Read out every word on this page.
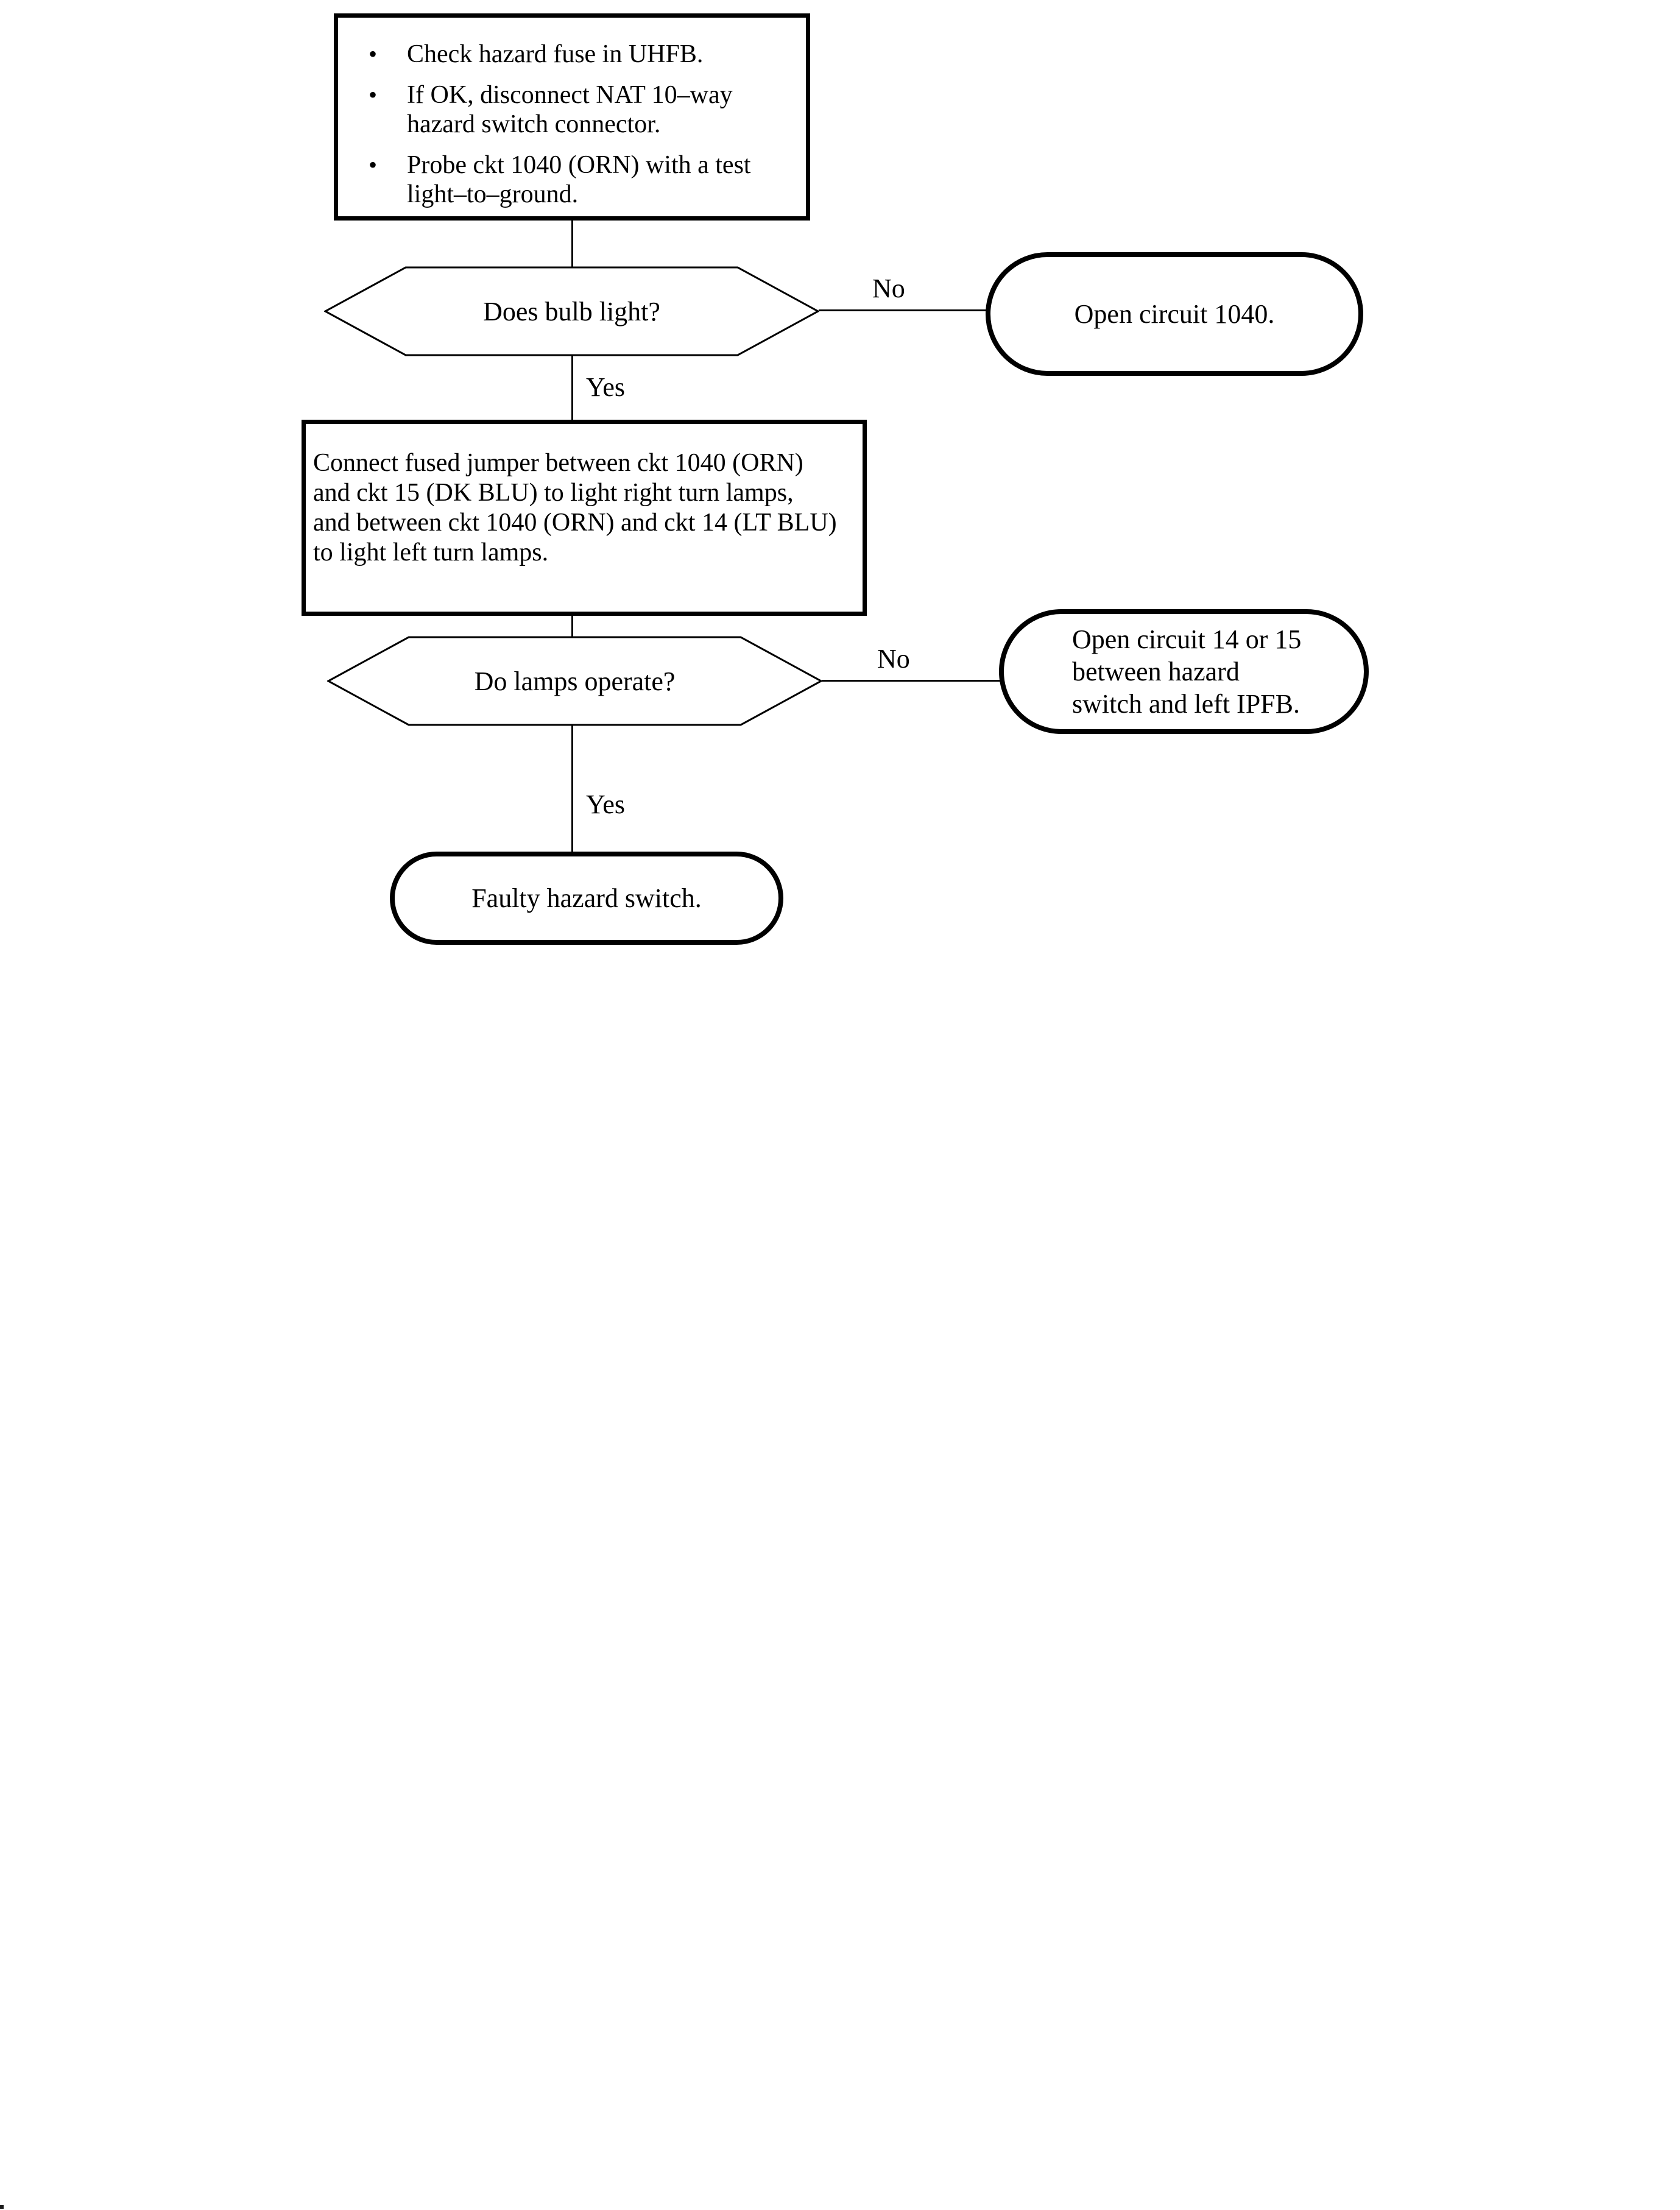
•	Check hazard fuse in UHFB.
•	If OK, disconnect NAT 10–way
hazard switch connector.
•	Probe ckt 1040 (ORN) with a test
light–to–ground.
Does bulb light?
No
Open circuit 1040.
Yes
Connect fused jumper between ckt 1040 (ORN)
and ckt 15 (DK BLU) to light right turn lamps,
and between ckt 1040 (ORN) and ckt 14 (LT BLU)
to light left turn lamps.
Do lamps operate?
No
Open circuit 14 or 15
between hazard
switch and left IPFB.
Yes
Faulty hazard switch.
